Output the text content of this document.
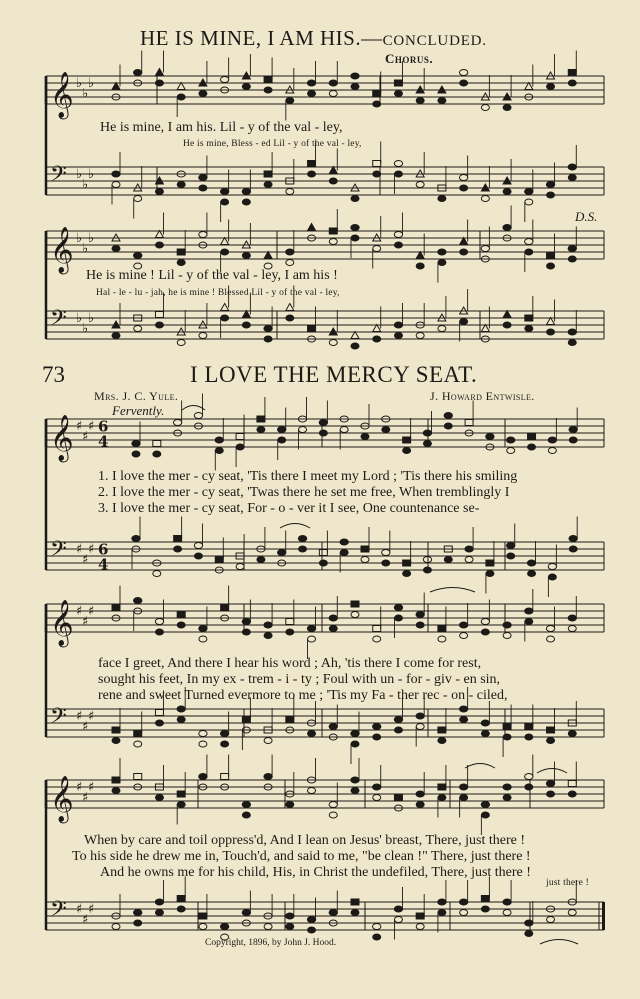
𝄞 ♭
♭
♭
𝄢 ♭
♭
♭
𝄞 ♭
♭
♭
𝄢 ♭
♭
♭
𝄞 ♯
♯
♯ 6
4
𝄢 ♯
♯
♯ 6
4
𝄞 ♯
♯
♯
𝄢 ♯
♯
♯
𝄞 ♯
♯
♯
𝄢 ♯
♯
♯
HE IS MINE, I AM HIS.—CONCLUDED.
Chorus.
He is mine, I am his. Lil - y of the val - ley,
He is mine, Bless - ed Lil - y of the val - ley,
D.S.
He is mine ! Lil - y of the val - ley, I am his !
Hal - le - lu - jah, he is mine ! Blessed Lil - y of the val - ley,
73	I LOVE THE MERCY SEAT.
Mrs. J. C. Yule.	J. Howard Entwisle.
Fervently.
1. I love the mer - cy seat, 'Tis there I meet my Lord ; 'Tis there his smiling
2. I love the mer - cy seat, 'Twas there he set me free, When tremblingly I
3. I love the mer - cy seat, For - o - ver it I see, One countenance se-
face I greet, And there I hear his word ; Ah, 'tis there I come for rest,
sought his feet, In my ex - trem - i - ty ; Foul with un - for - giv - en sin,
rene and sweet Turned evermore to me ; 'Tis my Fa - ther rec - on - ciled,
When by care and toil oppress'd, And I lean on Jesus' breast, There, just there !
To his side he drew me in, Touch'd, and said to me, "be clean !" There, just there !
And he owns me for his child, His, in Christ the undefiled, There, just there !
just there !
Copyright, 1896, by John J. Hood.
